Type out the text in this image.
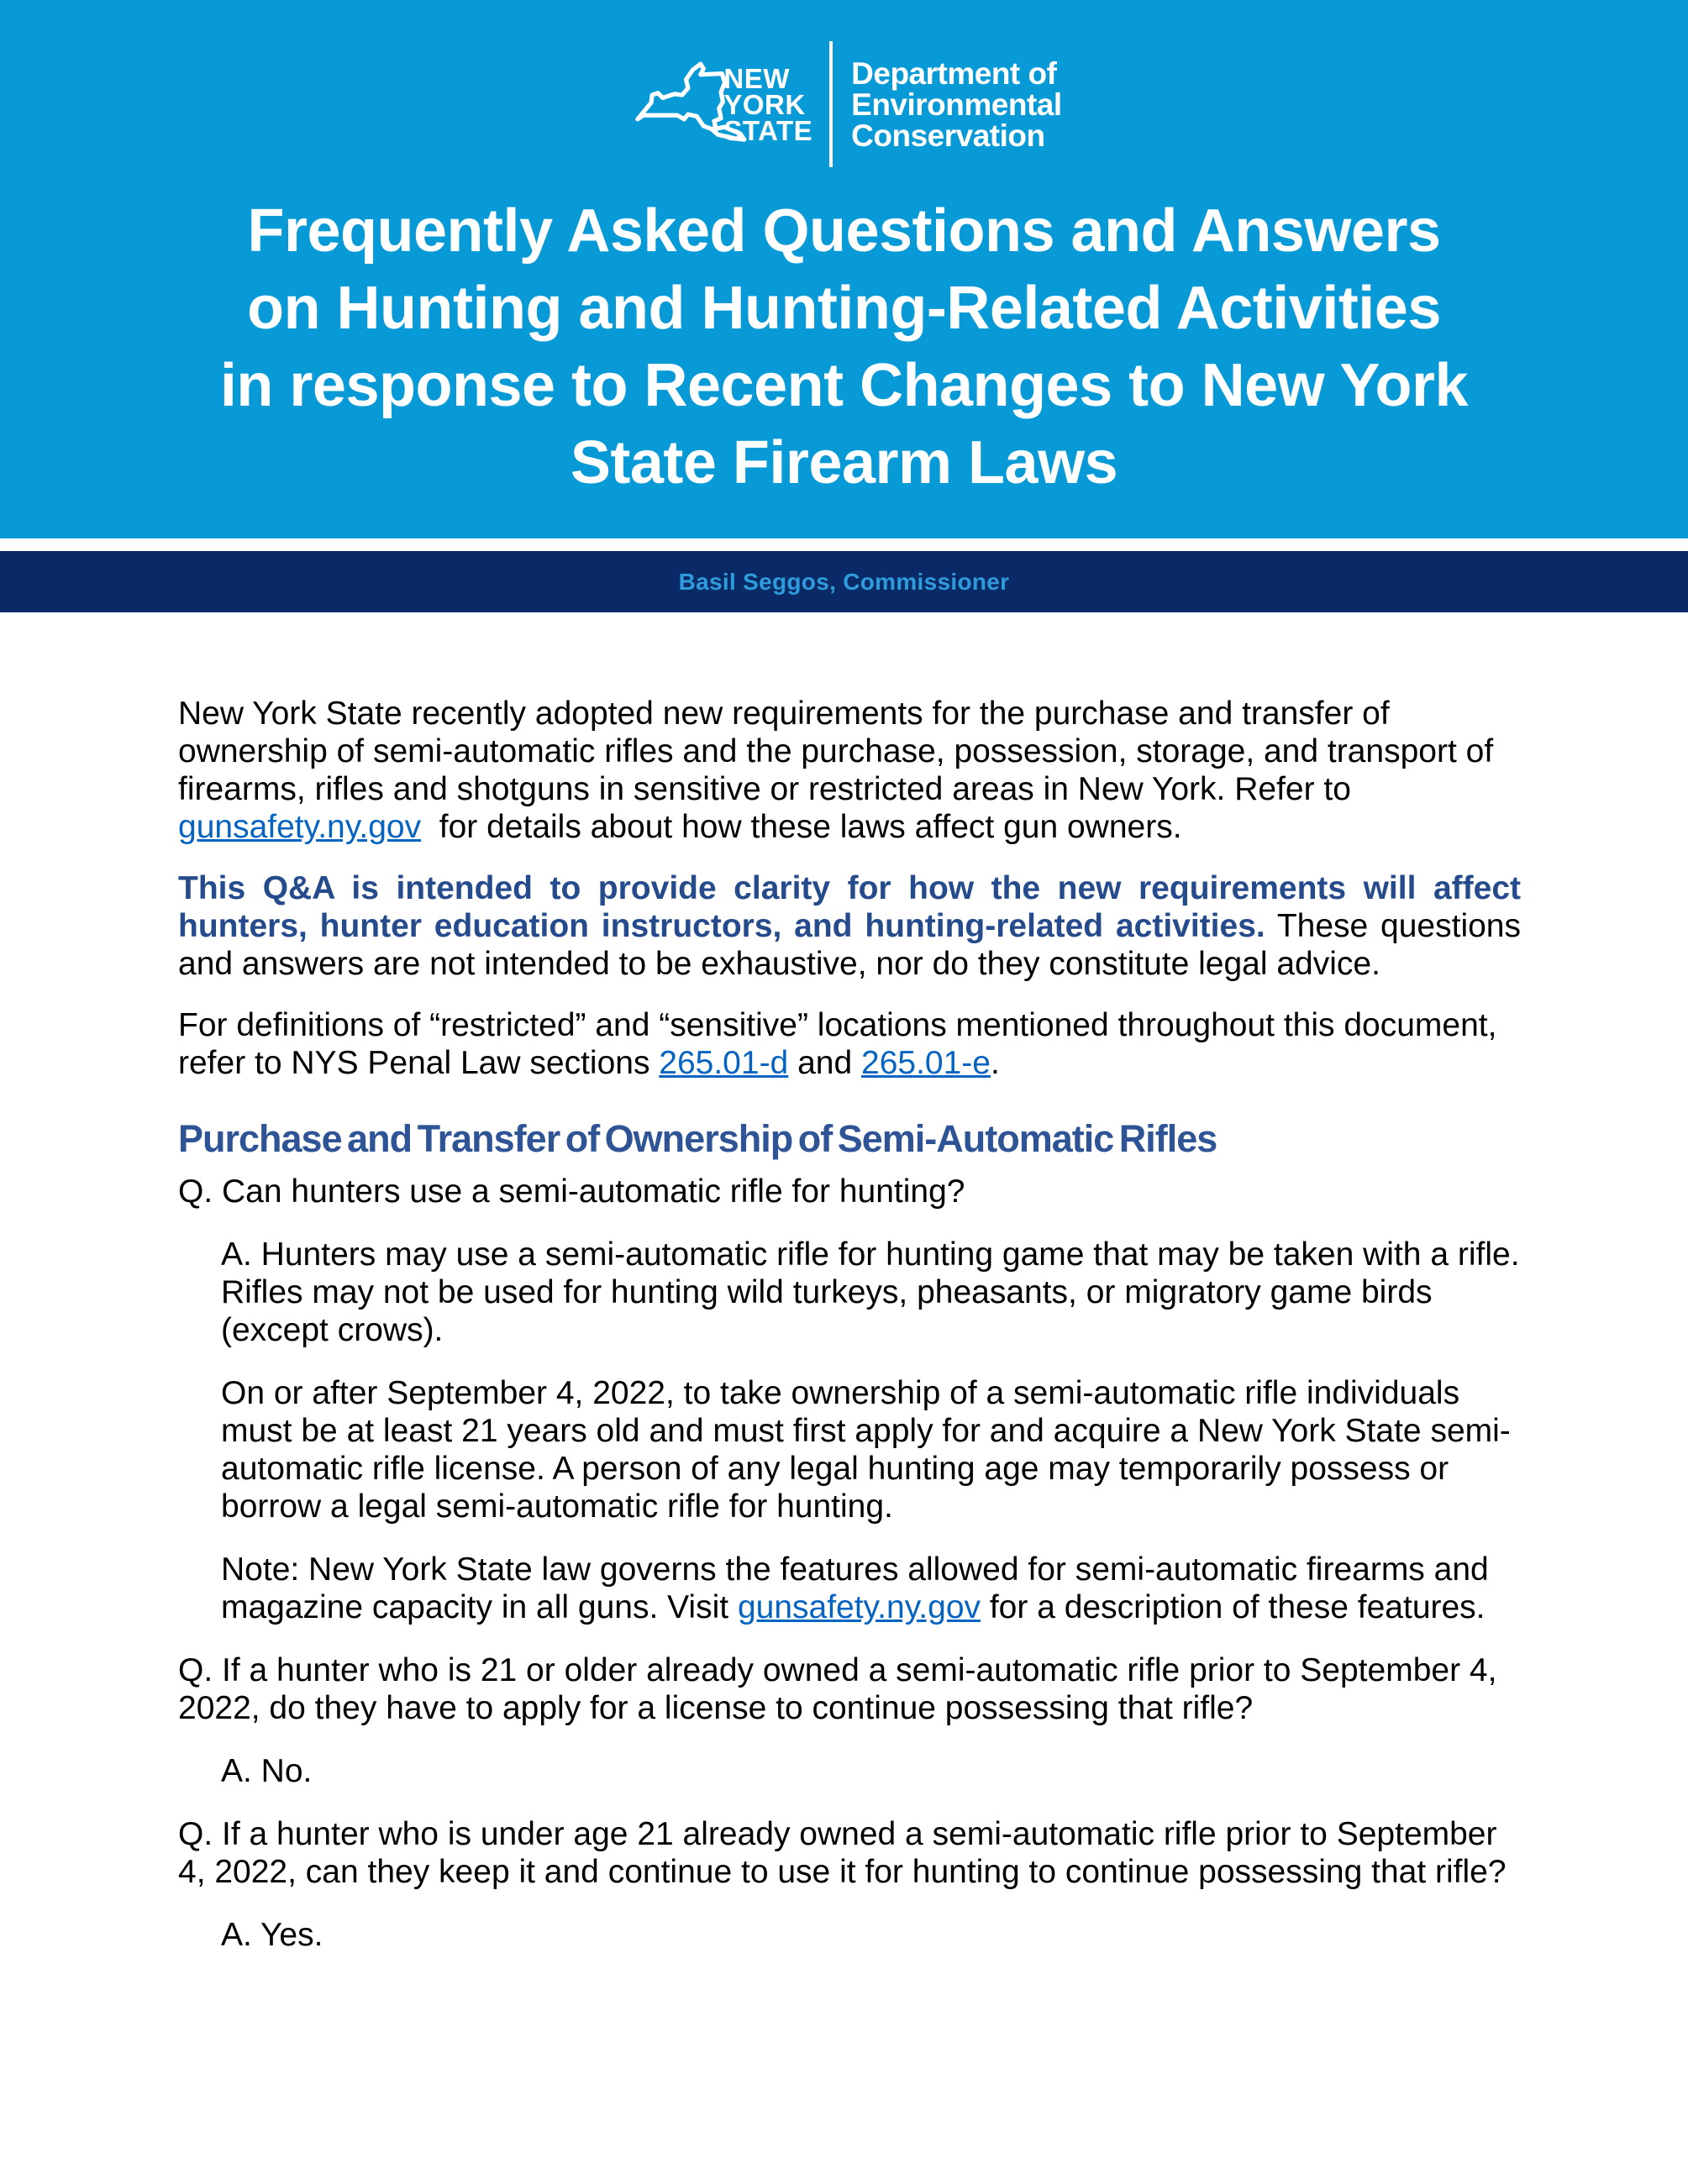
NEW
YORK
STATE
Department of
Environmental
Conservation
Frequently Asked Questions and Answers
on Hunting and Hunting-Related Activities
in response to Recent Changes to New York
State Firearm Laws
Basil Seggos, Commissioner

New York State recently adopted new requirements for the purchase and transfer of ownership of semi-automatic rifles and the purchase, possession, storage, and transport of firearms, rifles and shotguns in sensitive or restricted areas in New York. Refer to gunsafety.ny.gov  for details about how these laws affect gun owners.

This Q&A is intended to provide clarity for how the new requirements will affect hunters, hunter education instructors, and hunting-related activities. These questions and answers are not intended to be exhaustive, nor do they constitute legal advice.

For definitions of “restricted” and “sensitive” locations mentioned throughout this document, refer to NYS Penal Law sections 265.01-d and 265.01-e.

Purchase and Transfer of Ownership of Semi-Automatic Rifles

Q. Can hunters use a semi-automatic rifle for hunting?

A. Hunters may use a semi-automatic rifle for hunting game that may be taken with a rifle. Rifles may not be used for hunting wild turkeys, pheasants, or migratory game birds (except crows).

On or after September 4, 2022, to take ownership of a semi-automatic rifle individuals must be at least 21 years old and must first apply for and acquire a New York State semi-automatic rifle license. A person of any legal hunting age may temporarily possess or borrow a legal semi-automatic rifle for hunting.

Note: New York State law governs the features allowed for semi-automatic firearms and magazine capacity in all guns. Visit gunsafety.ny.gov for a description of these features.

Q. If a hunter who is 21 or older already owned a semi-automatic rifle prior to September 4, 2022, do they have to apply for a license to continue possessing that rifle?

A. No.

Q. If a hunter who is under age 21 already owned a semi-automatic rifle prior to September 4, 2022, can they keep it and continue to use it for hunting to continue possessing that rifle?

A. Yes.
